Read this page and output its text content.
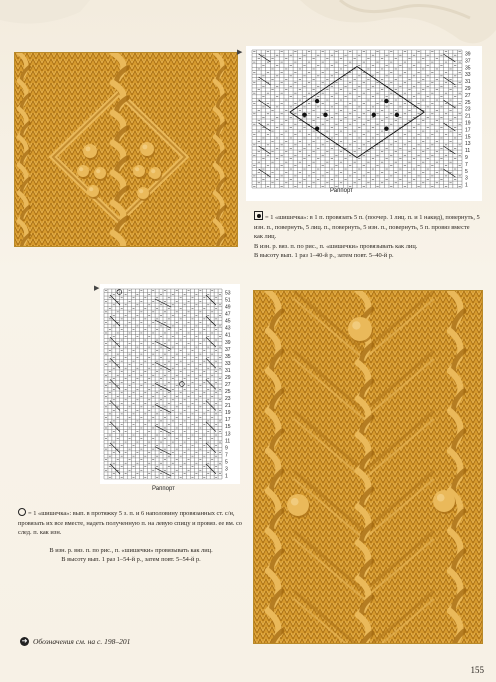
39
37
35
33
31
29
27
25
23
21
19
17
15
13
11
9
7
5
3
1
▶
Раппорт

= 1 «шишечка»: в 1 п. провязать 5 п. (поочер. 1 лиц. п. и 1 накид), повернуть, 5 изн. п., повернуть, 5 лиц. п., повернуть, 5 изн. п., повернуть, 5 п. провяз вместе как лиц.

В изн. р. вяз. п. по рис., п. «шишечки» провязывать как лиц.

В высоту вып. 1 раз 1–40-й р., затем повт. 5–40-й р.

53
51
49
47
45
43
41
39
37
35
33
31
29
27
25
23
21
19
17
15
13
11
9
7
5
3
1
▶
Раппорт

= 1 «шишечка»: вып. в протяжку 5 з. п. и 6 наполовину провязанных ст. с/н, провязать их все вместе, надеть полученную п. на левую спицу и провяз. ее вм. со след. п. как изн.

В изн. р. вяз. п. по рис., п. «шишечки» провязывать как лиц.

В высоту вып. 1 раз 1–54-й р., затем повт. 5–54-й р.

➜ Обозначения см. на с. 198–201
155
